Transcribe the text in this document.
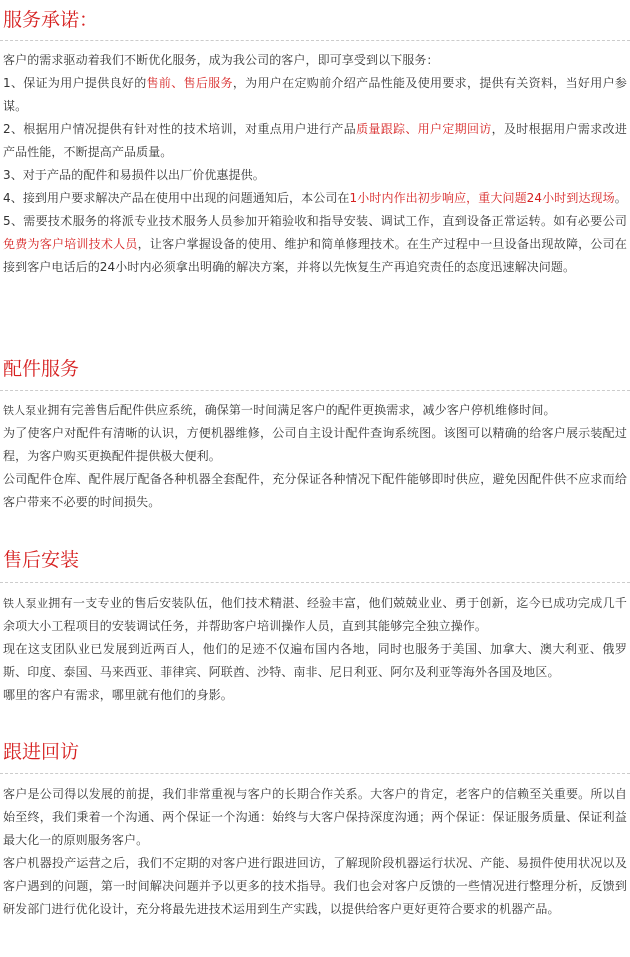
服务承诺：

客户的需求驱动着我们不断优化服务，成为我公司的客户，即可享受到以下服务：

1、保证为用户提供良好的售前、售后服务，为用户在定购前介绍产品性能及使用要求，提供有关资料，当好用户参谋。

2、根据用户情况提供有针对性的技术培训，对重点用户进行产品质量跟踪、用户定期回访，及时根据用户需求改进产品性能，不断提高产品质量。

3、对于产品的配件和易损件以出厂价优惠提供。

4、接到用户要求解决产品在使用中出现的问题通知后，本公司在1小时内作出初步响应，重大问题24小时到达现场。

5、需要技术服务的将派专业技术服务人员参加开箱验收和指导安装、调试工作，直到设备正常运转。如有必要公司免费为客户培训技术人员，让客户掌握设备的使用、维护和简单修理技术。在生产过程中一旦设备出现故障，公司在接到客户电话后的24小时内必须拿出明确的解决方案，并将以先恢复生产再追究责任的态度迅速解决问题。

配件服务

铁人泵业拥有完善售后配件供应系统，确保第一时间满足客户的配件更换需求，减少客户停机维修时间。

为了使客户对配件有清晰的认识，方便机器维修，公司自主设计配件查询系统图。该图可以精确的给客户展示装配过程，为客户购买更换配件提供极大便利。

公司配件仓库、配件展厅配备各种机器全套配件，充分保证各种情况下配件能够即时供应，避免因配件供不应求而给客户带来不必要的时间损失。

售后安装

铁人泵业拥有一支专业的售后安装队伍，他们技术精湛、经验丰富，他们兢兢业业、勇于创新，迄今已成功完成几千余项大小工程项目的安装调试任务，并帮助客户培训操作人员，直到其能够完全独立操作。

现在这支团队业已发展到近两百人，他们的足迹不仅遍布国内各地，同时也服务于美国、加拿大、澳大利亚、俄罗斯、印度、泰国、马来西亚、菲律宾、阿联酋、沙特、南非、尼日利亚、阿尔及利亚等海外各国及地区。

哪里的客户有需求，哪里就有他们的身影。

跟进回访

客户是公司得以发展的前提，我们非常重视与客户的长期合作关系。大客户的肯定，老客户的信赖至关重要。所以自始至终，我们秉着一个沟通、两个保证一个沟通：始终与大客户保持深度沟通；两个保证：保证服务质量、保证利益最大化一的原则服务客户。

客户机器投产运营之后，我们不定期的对客户进行跟进回访，了解现阶段机器运行状况、产能、易损件使用状况以及客户遇到的问题，第一时间解决问题并予以更多的技术指导。我们也会对客户反馈的一些情况进行整理分析，反馈到研发部门进行优化设计，充分将最先进技术运用到生产实践，以提供给客户更好更符合要求的机器产品。
